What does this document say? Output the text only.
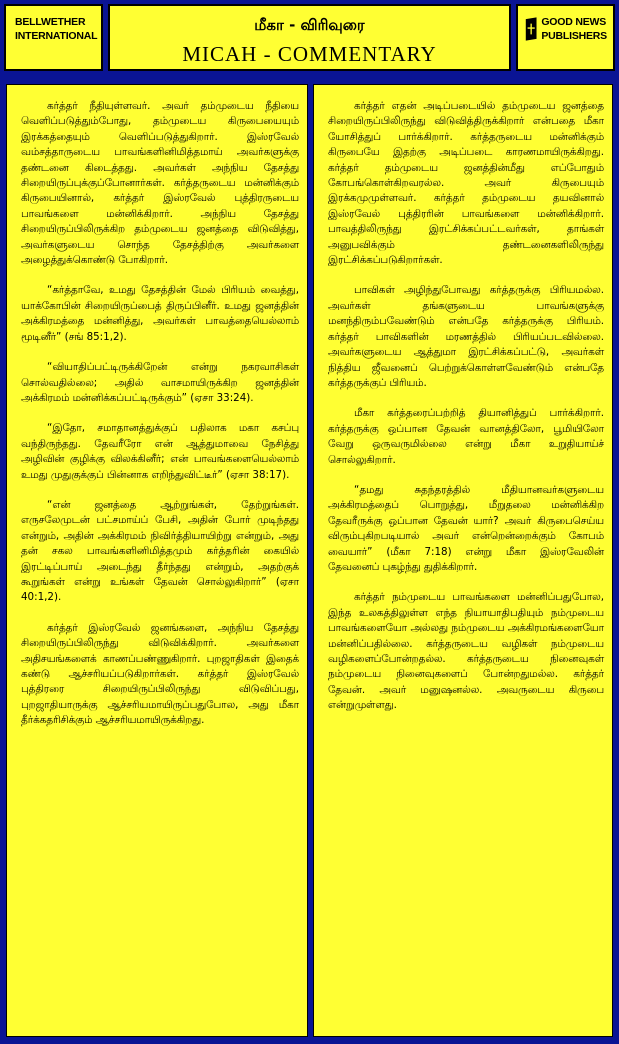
BELLWETHER
INTERNATIONAL
மீகா - விரிவுரை
MICAH - COMMENTARY
GOOD NEWS
PUBLISHERS

கர்த்தர் நீதியுள்ளவர். அவர் தம்முடைய நீதியை வெளிப்படுத்தும்போது, தம்முடைய கிருபையையும் இரக்கத்தையும் வெளிப்படுத்துகிறார். இஸ்ரவேல் வம்சத்தாருடைய பாவங்களினிமித்தமாய் அவர்களுக்கு தண்டனை கிடைத்தது. அவர்கள் அந்நிய தேசத்து சிறையிருப்புக்குப்போனார்கள். கர்த்தருடைய மன்னிக்கும் கிருபையினால், கர்த்தர் இஸ்ரவேல் புத்திரருடைய பாவங்களை மன்னிக்கிறார். அந்நிய தேசத்து சிறையிருப்பிலிருக்கிற தம்முடைய ஜனத்தை விடுவித்து, அவர்களுடைய சொந்த தேசத்திற்கு அவர்களை அழைத்துக்கொண்டு போகிறார்.

“கர்த்தாவே, உமது தேசத்தின் மேல் பிரியம் வைத்து, யாக்கோபின் சிறையிருப்பைத் திருப்பினீர். உமது ஜனத்தின் அக்கிரமத்தை மன்னித்து, அவர்கள் பாவத்தையெல்லாம் மூடினீர்” (சங் 85:1,2).

“வியாதிப்பட்டிருக்கிறேன் என்று நகரவாசிகள் சொல்வதில்லை; அதில் வாசமாயிருக்கிற ஜனத்தின் அக்கிரமம் மன்னிக்கப்பட்டிருக்கும்” (ஏசா 33:24).

“இதோ, சமாதானத்துக்குப் பதிலாக மகா கசப்பு வந்திருந்தது. தேவரீரோ என் ஆத்துமாவை நேசித்து அழிவின் குழிக்கு விலக்கினீர்; என் பாவங்களையெல்லாம் உமது முதுகுக்குப் பின்னாக எறிந்துவிட்டீர்” (ஏசா 38:17).

“என் ஜனத்தை ஆற்றுங்கள், தேற்றுங்கள். எருசலேமுடன் பட்சமாய்ப் பேசி, அதின் போர் முடிந்தது என்றும், அதின் அக்கிரமம் நிவிர்த்தியாயிற்று என்றும், அது தன் சகல பாவங்களினிமித்தமும் கர்த்தரின் கையில் இரட்டிப்பாய் அடைந்து தீர்ந்தது என்றும், அதற்குக் கூறுங்கள் என்று உங்கள் தேவன் சொல்லுகிறார்” (ஏசா 40:1,2).

கர்த்தர் இஸ்ரவேல் ஜனங்களை, அந்நிய தேசத்து சிறையிருப்பிலிருந்து விடுவிக்கிறார். அவர்களை அதிசயங்களைக் காணப்பண்ணுகிறார். புறஜாதிகள் இதைக் கண்டு ஆச்சரியப்படுகிறார்கள். கர்த்தர் இஸ்ரவேல் புத்திரரை சிறையிருப்பிலிருந்து விடுவிப்பது, புறஜாதியாருக்கு ஆச்சரியமாயிருப்பதுபோல, அது மீகா தீர்க்கதரிசிக்கும் ஆச்சரியமாயிருக்கிறது.

கர்த்தர் எதன் அடிப்படையில் தம்முடைய ஜனத்தை சிறையிருப்பிலிருந்து விடுவித்திருக்கிறார் என்பதை மீகா யோசித்துப் பார்க்கிறார். கர்த்தருடைய மன்னிக்கும் கிருபையே இதற்கு அடிப்படை காரணமாயிருக்கிறது. கர்த்தர் தம்முடைய ஜனத்தின்மீது எப்போதும் கோபங்கொள்கிறவரல்ல. அவர் கிருபையும் இரக்கமுமுள்ளவர். கர்த்தர் தம்முடைய தயவினால் இஸ்ரவேல் புத்திரரின் பாவங்களை மன்னிக்கிறார். பாவத்திலிருந்து இரட்சிக்கப்பட்டவர்கள், தாங்கள் அனுபவிக்கும் தண்டனைகளிலிருந்து இரட்சிக்கப்படுகிறார்கள்.

பாவிகள் அழிந்துபோவது கர்த்தருக்கு பிரியமல்ல. அவர்கள் தங்களுடைய பாவங்களுக்கு மனந்திரும்பவேண்டும் என்பதே கர்த்தருக்கு பிரியம். கர்த்தர் பாவிகளின் மரணத்தில் பிரியப்படவில்லை. அவர்களுடைய ஆத்துமா இரட்சிக்கப்பட்டு, அவர்கள் நித்திய ஜீவனைப் பெற்றுக்கொள்ளவேண்டும் என்பதே கர்த்தருக்குப் பிரியம்.

மீகா கர்த்தரைப்பற்றித் தியானித்துப் பார்க்கிறார். கர்த்தருக்கு ஒப்பான தேவன் வானத்திலோ, பூமியிலோ வேறு ஒருவருமில்லை என்று மீகா உறுதியாய்ச் சொல்லுகிறார்.

“தமது சுதந்தரத்தில் மீதியானவர்களுடைய அக்கிரமத்தைப் பொறுத்து, மீறுதலை மன்னிக்கிற தேவரீருக்கு ஒப்பான தேவன் யார்? அவர் கிருபைசெய்ய விரும்புகிறபடியால் அவர் என்றென்றைக்கும் கோபம் வையார்” (மீகா 7:18) என்று மீகா இஸ்ரவேலின் தேவனைப் புகழ்ந்து துதிக்கிறார்.

கர்த்தர் நம்முடைய பாவங்களை மன்னிப்பதுபோல, இந்த உலகத்திலுள்ள எந்த நியாயாதிபதியும் நம்முடைய பாவங்களையோ அல்லது நம்முடைய அக்கிரமங்களையோ மன்னிப்பதில்லை. கர்த்தருடைய வழிகள் நம்முடைய வழிகளைப்போன்றதல்ல. கர்த்தருடைய நினைவுகள் நம்முடைய நினைவுகளைப் போன்றதுமல்ல. கர்த்தர் தேவன். அவர் மனுஷனல்ல. அவருடைய கிருபை என்றுமுள்ளது.
